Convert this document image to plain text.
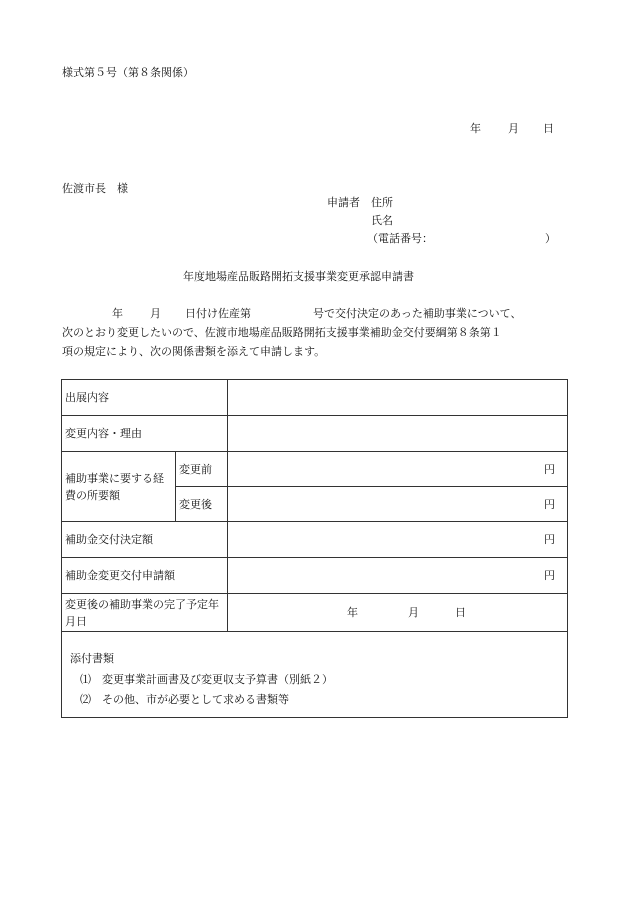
様式第５号（第８条関係）
年 月 日
佐渡市長　様
申請者 住所
氏名
（電話番号：	）
年度地場産品販路開拓支援事業変更承認申請書
年 月 日付け佐産第	号で交付決定のあった補助事業について、
次のとおり変更したいので、佐渡市地場産品販路開拓支援事業補助金交付要綱第８条第１
項の規定により、次の関係書類を添えて申請します。
出展内容		
変更内容・理由		
補助事業に要する経費の所要額	変更前	円
	変更後	円
補助金交付決定額		円
補助金変更交付申請額		円
変更後の補助事業の完了予定年月日		年 月 日

添付書類
⑴　変更事業計画書及び変更収支予算書（別紙２）
⑵　その他、市が必要として求める書類等		
